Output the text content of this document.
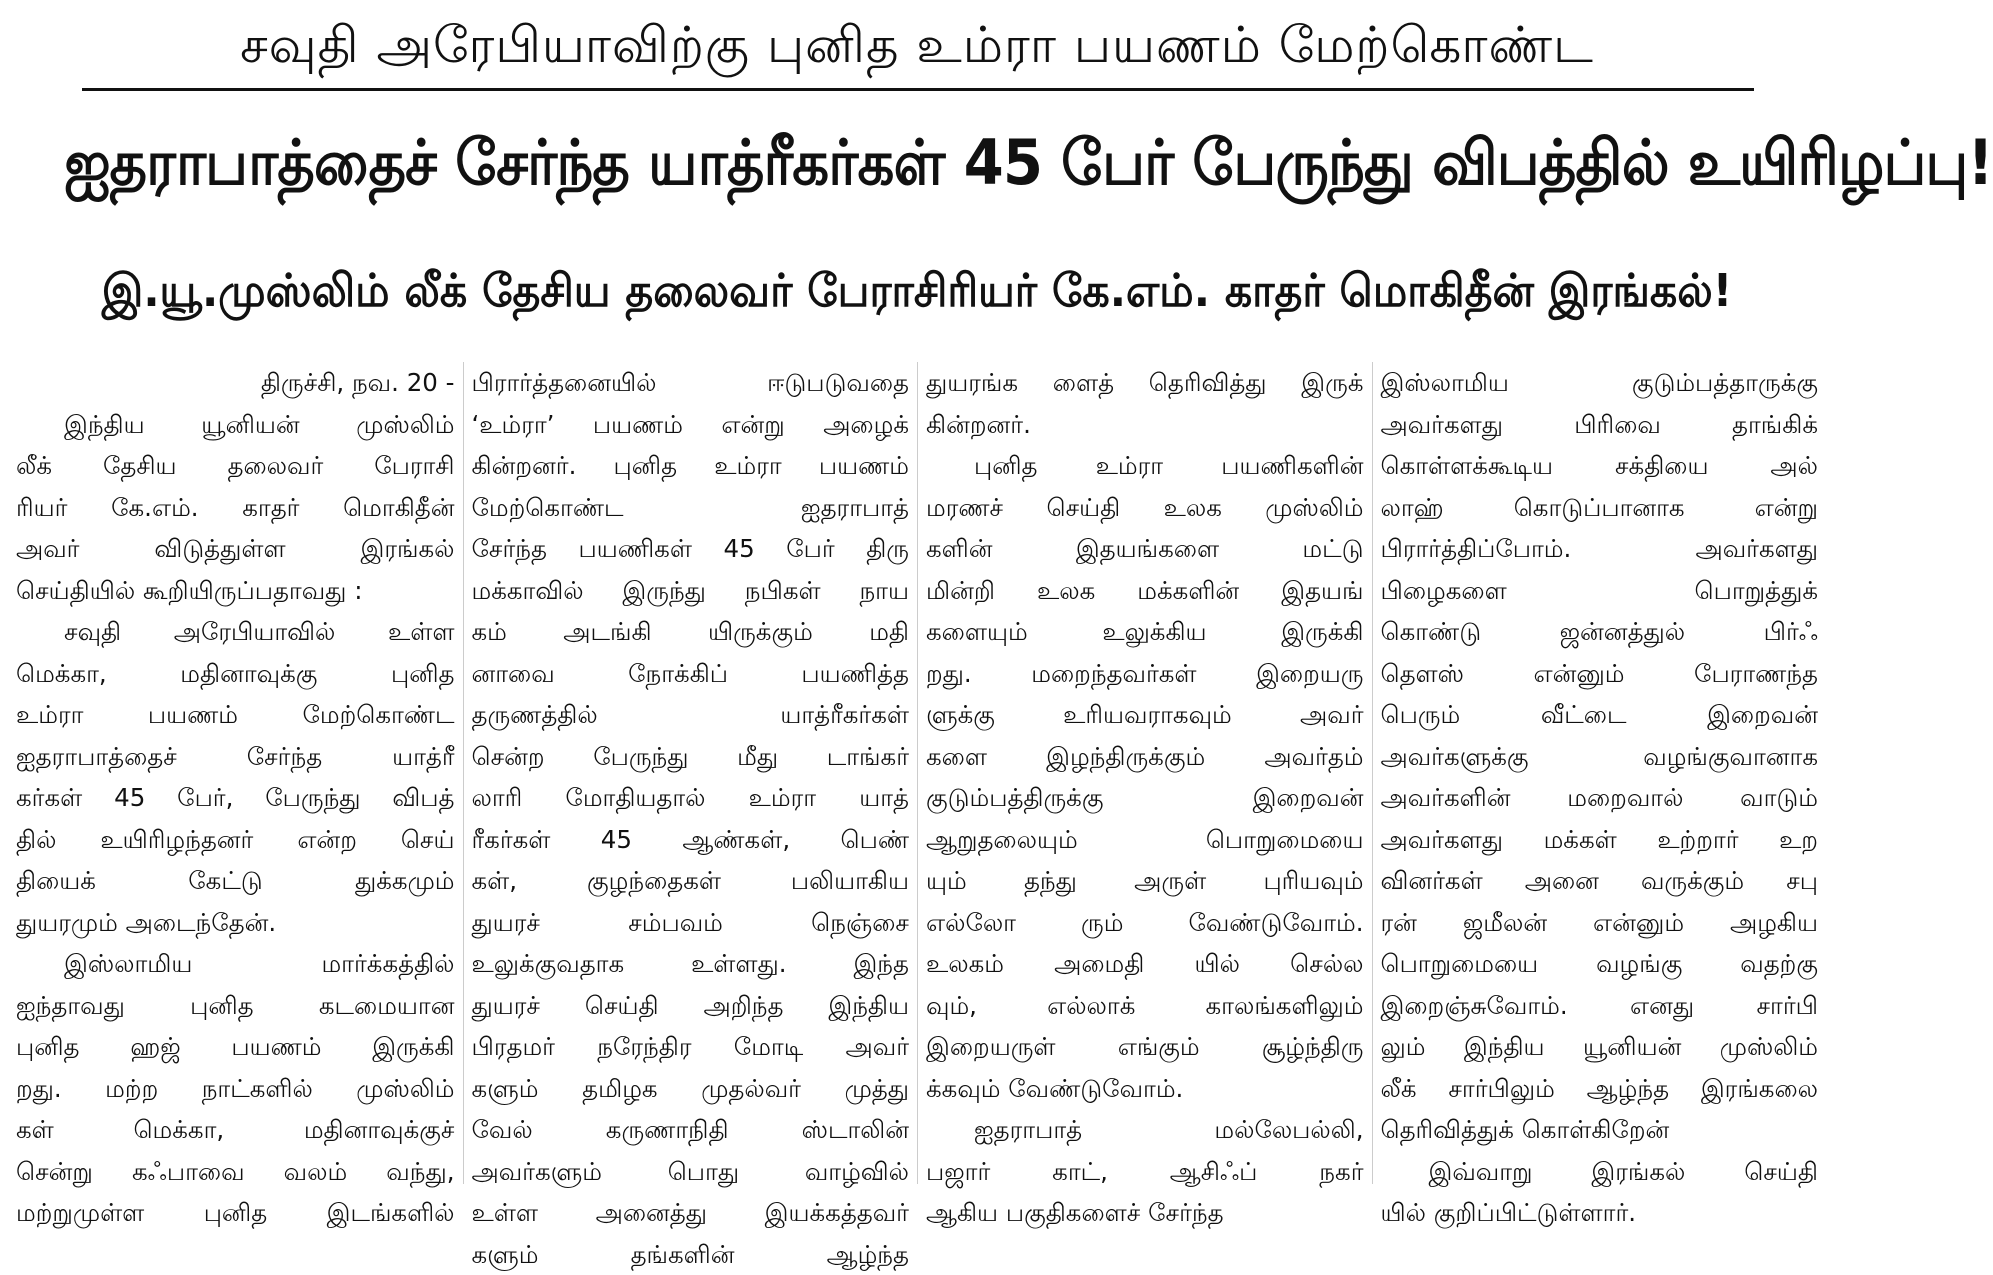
சவுதி அரேபியாவிற்கு புனித உம்ரா பயணம் மேற்கொண்ட
ஐதராபாத்தைச் சேர்ந்த யாத்ரீகர்கள் 45 பேர் பேருந்து விபத்தில் உயிரிழப்பு!
இ.யூ.முஸ்லிம் லீக் தேசிய தலைவர் பேராசிரியர் கே.எம். காதர் மொகிதீன் இரங்கல்!
திருச்சி, நவ. 20 -
இந்திய யூனியன் முஸ்லிம்
லீக் தேசிய தலைவர் பேராசி
ரியர் கே.எம். காதர் மொகிதீன்
அவர் விடுத்துள்ள இரங்கல்
செய்தியில் கூறியிருப்பதாவது :
சவுதி அரேபியாவில் உள்ள
மெக்கா, மதினாவுக்கு புனித
உம்ரா பயணம் மேற்கொண்ட
ஐதராபாத்தைச் சேர்ந்த யாத்ரீ
கர்கள் 45 பேர், பேருந்து விபத்
தில் உயிரிழந்தனர் என்ற செய்
தியைக் கேட்டு துக்கமும்
துயரமும் அடைந்தேன்.
இஸ்லாமிய மார்க்கத்தில்
ஐந்தாவது புனித கடமையான
புனித ஹஜ் பயணம் இருக்கி
றது. மற்ற நாட்களில் முஸ்லிம்
கள் மெக்கா, மதினாவுக்குச்
சென்று கஃபாவை வலம் வந்து,
மற்றுமுள்ள புனித இடங்களில்
பிரார்த்தனையில் ஈடுபடுவதை
‘உம்ரா’ பயணம் என்று அழைக்
கின்றனர். புனித உம்ரா பயணம்
மேற்கொண்ட ஐதராபாத்
சேர்ந்த பயணிகள் 45 பேர் திரு
மக்காவில் இருந்து நபிகள் நாய
கம் அடங்கி யிருக்கும் மதி
னாவை நோக்கிப் பயணித்த
தருணத்தில் யாத்ரீகர்கள்
சென்ற பேருந்து மீது டாங்கர்
லாரி மோதியதால் உம்ரா யாத்
ரீகர்கள் 45 ஆண்கள், பெண்
கள், குழந்தைகள் பலியாகிய
துயரச் சம்பவம் நெஞ்சை
உலுக்குவதாக உள்ளது. இந்த
துயரச் செய்தி அறிந்த இந்திய
பிரதமர் நரேந்திர மோடி அவர்
களும் தமிழக முதல்வர் முத்து
வேல் கருணாநிதி ஸ்டாலின்
அவர்களும் பொது வாழ்வில்
உள்ள அனைத்து இயக்கத்தவர்
களும் தங்களின் ஆழ்ந்த
துயரங்க ளைத் தெரிவித்து இருக்
கின்றனர்.
புனித உம்ரா பயணிகளின்
மரணச் செய்தி உலக முஸ்லிம்
களின் இதயங்களை மட்டு
மின்றி உலக மக்களின் இதயங்
களையும் உலுக்கிய இருக்கி
றது. மறைந்தவர்கள் இறையரு
ளுக்கு உரியவராகவும் அவர்
களை இழந்திருக்கும் அவர்தம்
குடும்பத்திருக்கு இறைவன்
ஆறுதலையும் பொறுமையை
யும் தந்து அருள் புரியவும்
எல்லோ ரும் வேண்டுவோம்.
உலகம் அமைதி யில் செல்ல
வும், எல்லாக் காலங்களிலும்
இறையருள் எங்கும் சூழ்ந்திரு
க்கவும் வேண்டுவோம்.
ஐதராபாத் மல்லேபல்லி,
பஜார் காட், ஆசிஃப் நகர்
ஆகிய பகுதிகளைச் சேர்ந்த
இஸ்லாமிய குடும்பத்தாருக்கு
அவர்களது பிரிவை தாங்கிக்
கொள்ளக்கூடிய சக்தியை அல்
லாஹ் கொடுப்பானாக என்று
பிரார்த்திப்போம். அவர்களது
பிழைகளை பொறுத்துக்
கொண்டு ஜன்னத்துல் பிர்ஃ
தௌஸ் என்னும் பேராணந்த
பெரும் வீட்டை இறைவன்
அவர்களுக்கு வழங்குவானாக
அவர்களின் மறைவால் வாடும்
அவர்களது மக்கள் உற்றார் உற
வினர்கள் அனை வருக்கும் சபு
ரன் ஜமீலன் என்னும் அழகிய
பொறுமையை வழங்கு வதற்கு
இறைஞ்சுவோம். எனது சார்பி
லும் இந்திய யூனியன் முஸ்லிம்
லீக் சார்பிலும் ஆழ்ந்த இரங்கலை
தெரிவித்துக் கொள்கிறேன்
இவ்வாறு இரங்கல் செய்தி
யில் குறிப்பிட்டுள்ளார்.
